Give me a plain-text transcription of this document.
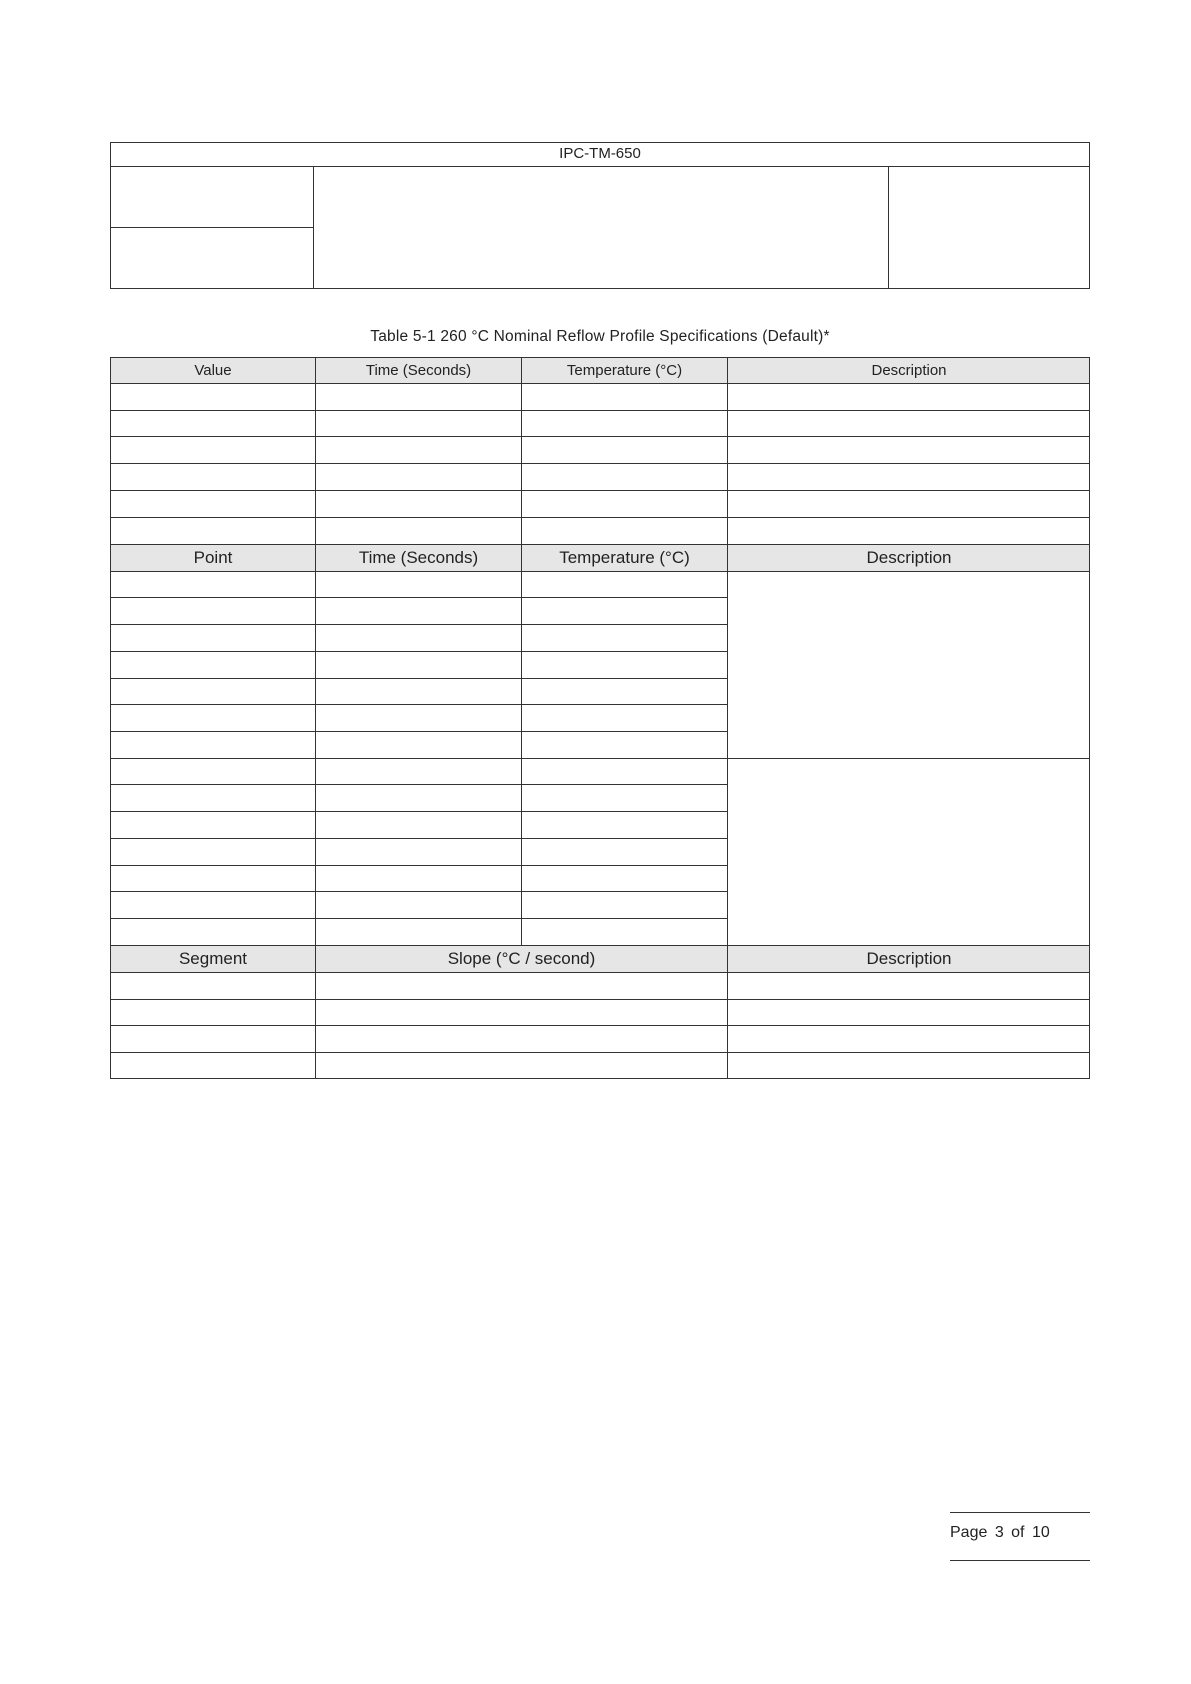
IPC-TM-650
Table 5-1 260 °C Nominal Reflow Profile Specifications (Default)*
Value	Time (Seconds)	Temperature (°C)	Description
Point	Time (Seconds)	Temperature (°C)	Description
Segment	Slope (°C / second)	Description
Page 3 of 10
